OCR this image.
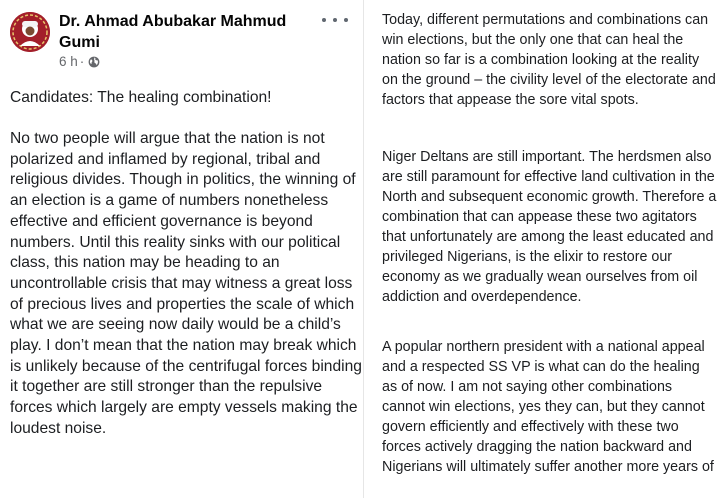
Dr. Ahmad Abubakar Mahmud Gumi
6 h ·
Candidates: The healing combination!
No two people will argue that the nation is not polarized and inflamed by regional, tribal and religious divides. Though in politics, the winning of an election is a game of numbers nonetheless effective and efficient governance is beyond numbers. Until this reality sinks with our political class, this nation may be heading to an uncontrollable crisis that may witness a great loss of precious lives and properties the scale of which what we are seeing now daily would be a child’s play. I don’t mean that the nation may break which is unlikely because of the centrifugal forces binding it together are still stronger than the repulsive forces which largely are empty vessels making the loudest noise.
Today, different permutations and combinations can win elections, but the only one that can heal the nation so far is a combination looking at the reality on the ground – the civility level of the electorate and factors that appease the sore vital spots.
Niger Deltans are still important. The herdsmen also are still paramount for effective land cultivation in the North and subsequent economic growth. Therefore a combination that can appease these two agitators that unfortunately are among the least educated and privileged Nigerians, is the elixir to restore our economy as we gradually wean ourselves from oil addiction and overdependence.
A popular northern president with a national appeal and a respected SS VP is what can do the healing as of now. I am not saying other combinations cannot win elections, yes they can, but they cannot govern efficiently and effectively with these two forces actively dragging the nation backward and Nigerians will ultimately suffer another more years of
